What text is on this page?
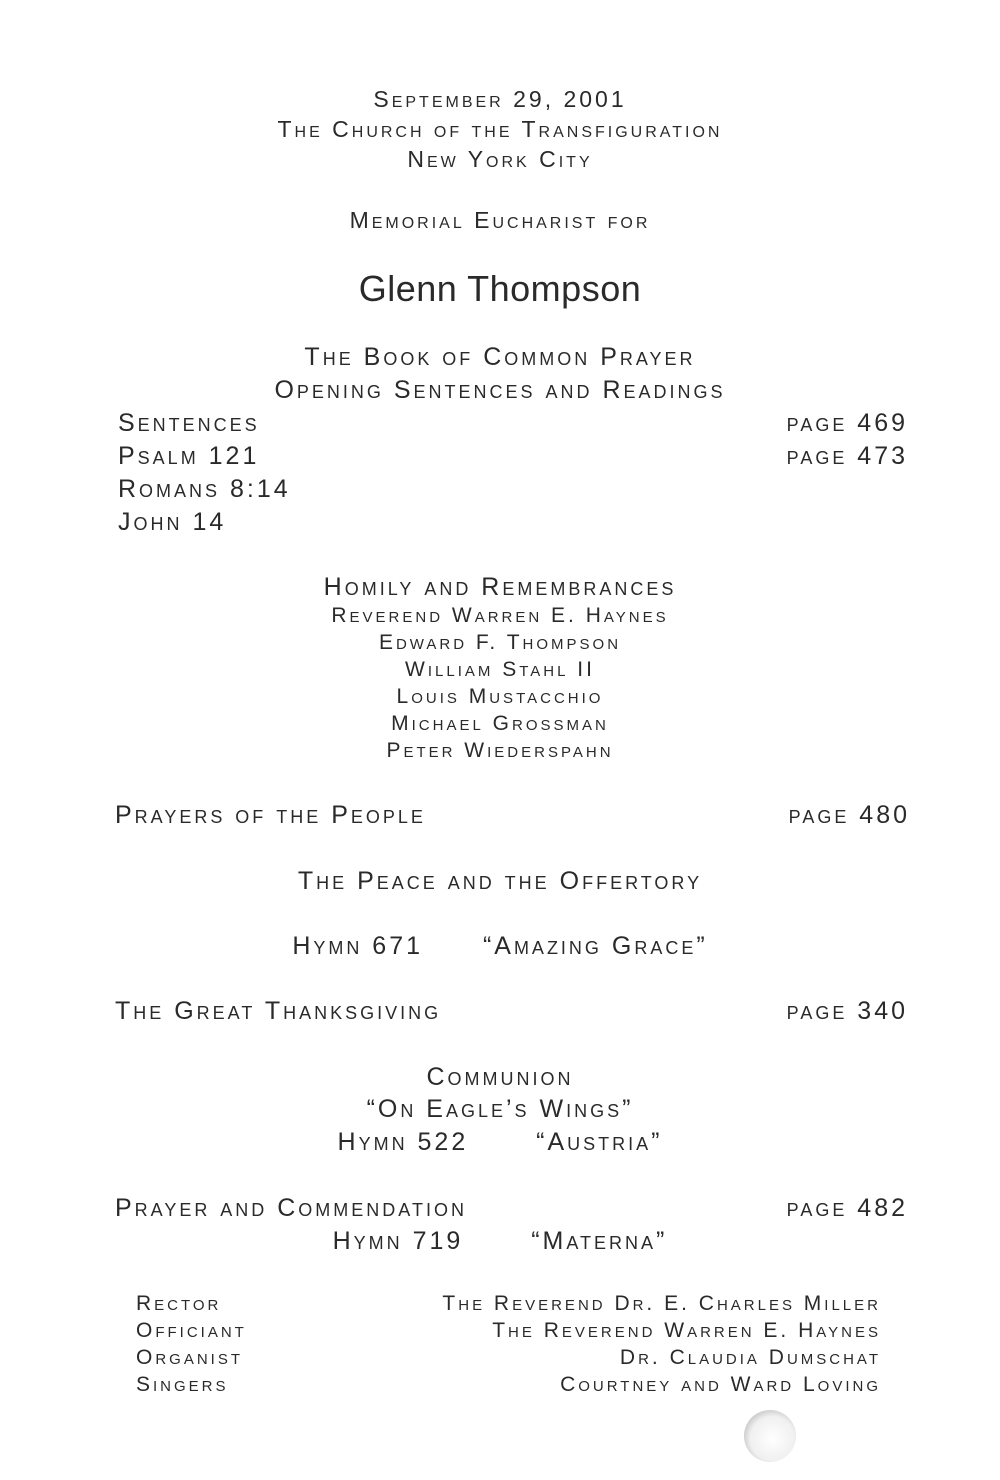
September 29, 2001
The Church of the Transfiguration
New York City
Memorial Eucharist for
Glenn Thompson
The Book of Common Prayer
Opening Sentences and Readings
Sentences	page 469
Psalm 121	page 473
Romans 8:14
John 14
Homily and Remembrances
Reverend Warren E. Haynes
Edward F. Thompson
William Stahl II
Louis Mustacchio
Michael Grossman
Peter Wiederspahn
Prayers of the People	page 480
The Peace and the Offertory
Hymn 671 “Amazing Grace”
The Great Thanksgiving	page 340
Communion
“On Eagle’s Wings”
Hymn 522	“Austria”
Prayer and Commendation	page 482
Hymn 719	“Materna”
Rector	The Reverend Dr. E. Charles Miller
Officiant	The Reverend Warren E. Haynes
Organist	Dr. Claudia Dumschat
Singers	Courtney and Ward Loving
